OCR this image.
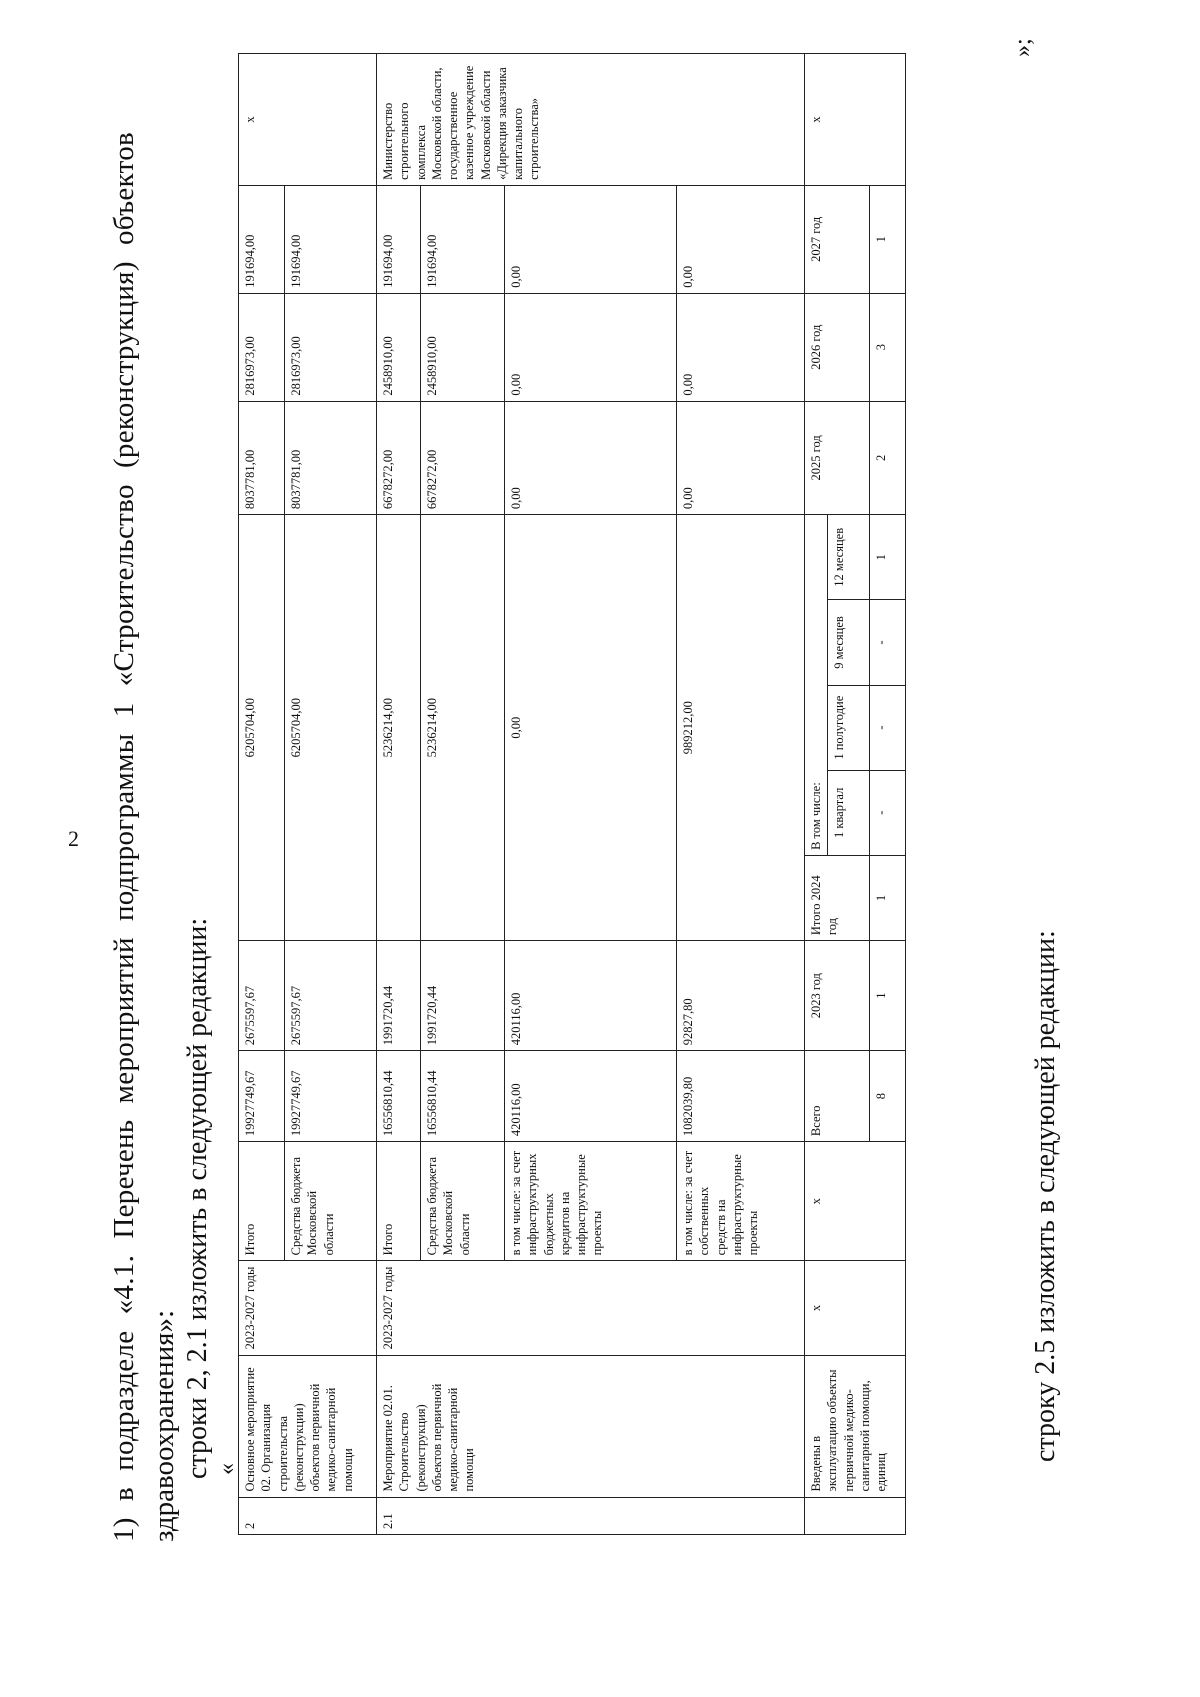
2 1) в подразделе «4.1. Перечень мероприятий подпрограммы 1 «Строительство (реконструкция) объектов здравоохранения»: строки 2, 2.1 изложить в следующей редакции: «
2	Основное мероприятие 02. Организация строительства (реконструкции) объектов первичной медико-санитарной помощи	2023-2027 годы	Итого	19927749,67	2675597,67	6205704,00					8037781,00	2816973,00	191694,00	х
			Средства бюджета Московской области	19927749,67	2675597,67	6205704,00					8037781,00	2816973,00	191694,00	
2.1	Мероприятие 02.01. Строительство (реконструкция) объектов первичной медико-санитарной помощи	2023-2027 годы	Итого	16556810,44	1991720,44	5236214,00					6678272,00	2458910,00	191694,00	Министерство строительного комплекса Московской области, государственное казенное учреждение Московской области «Дирекция заказчика капитального строительства»
			Средства бюджета Московской области	16556810,44	1991720,44	5236214,00					6678272,00	2458910,00	191694,00	
			в том числе: за счет инфраструктурных бюджетных кредитов на инфраструктурные проекты	420116,00	420116,00	0,00					0,00	0,00	0,00	
			в том числе: за счет собственных средств на инфраструктурные проекты	1082039,80	92827,80	989212,00					0,00	0,00	0,00	
	Введены в эксплуатацию объекты первичной медико-санитарной помощи, единиц	х	х	Всего	2023 год	Итого 2024 год	В том числе:				2025 год	2026 год	2027 год	х
							1 квартал	1 полугодие	9 месяцев	12 месяцев				
				8	1	1	-	-	-	1	2	3	1	
»;
строку 2.5 изложить в следующей редакции:
